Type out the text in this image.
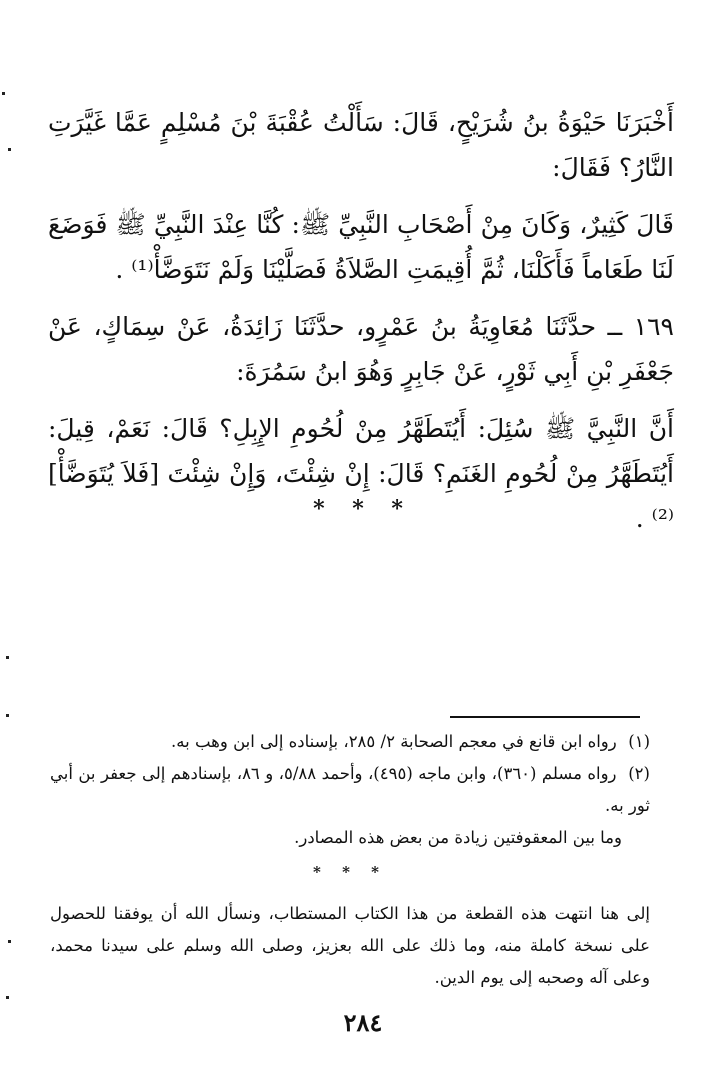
أَخْبَرَنَا حَيْوَةُ بنُ شُرَيْحٍ، قَالَ: سَأَلْتُ عُقْبَةَ بْنَ مُسْلِمٍ عَمَّا غَيَّرَتِ النَّارُ؟ فَقَالَ:

قَالَ كَثِيرٌ، وَكَانَ مِنْ أَصْحَابِ النَّبِيِّ ﷺ: كُنَّا عِنْدَ النَّبِيِّ ﷺ فَوَضَعَ لَنَا طَعَاماً فَأَكَلْنَا، ثُمَّ أُقِيمَتِ الصَّلاَةُ فَصَلَّيْنَا وَلَمْ نَتَوَضَّأْ⁽¹⁾ .

١٦٩ ــ حدَّثَنَا مُعَاوِيَةُ بنُ عَمْرٍو، حدَّثَنَا زَائِدَةُ، عَنْ سِمَاكٍ، عَنْ جَعْفَرِ بْنِ أَبِي ثَوْرٍ، عَنْ جَابِرٍ وَهُوَ ابنُ سَمُرَةَ:

أَنَّ النَّبِيَّ ﷺ سُئِلَ: أَيُتَطَهَّرُ مِنْ لُحُومِ الإِبِلِ؟ قَالَ: نَعَمْ، قِيلَ: أَيُتَطَهَّرُ مِنْ لُحُومِ الغَنَمِ؟ قَالَ: إِنْ شِئْتَ، وَإِنْ شِئْتَ [فَلاَ يُتَوَضَّأْ]⁽²⁾ .

* * *

(١) رواه ابن قانع في معجم الصحابة ٢/ ٢٨٥، بإسناده إلى ابن وهب به.

(٢) رواه مسلم (٣٦٠)، وابن ماجه (٤٩٥)، وأحمد ٥/٨٨، و ٨٦، بإسنادهم إلى جعفر بن أبي ثور به.

وما بين المعقوفتين زيادة من بعض هذه المصادر.

* * *

إلى هنا انتهت هذه القطعة من هذا الكتاب المستطاب، ونسأل الله أن يوفقنا للحصول على نسخة كاملة منه، وما ذلك على الله بعزيز، وصلى الله وسلم على سيدنا محمد، وعلى آله وصحبه إلى يوم الدين.

٢٨٤
